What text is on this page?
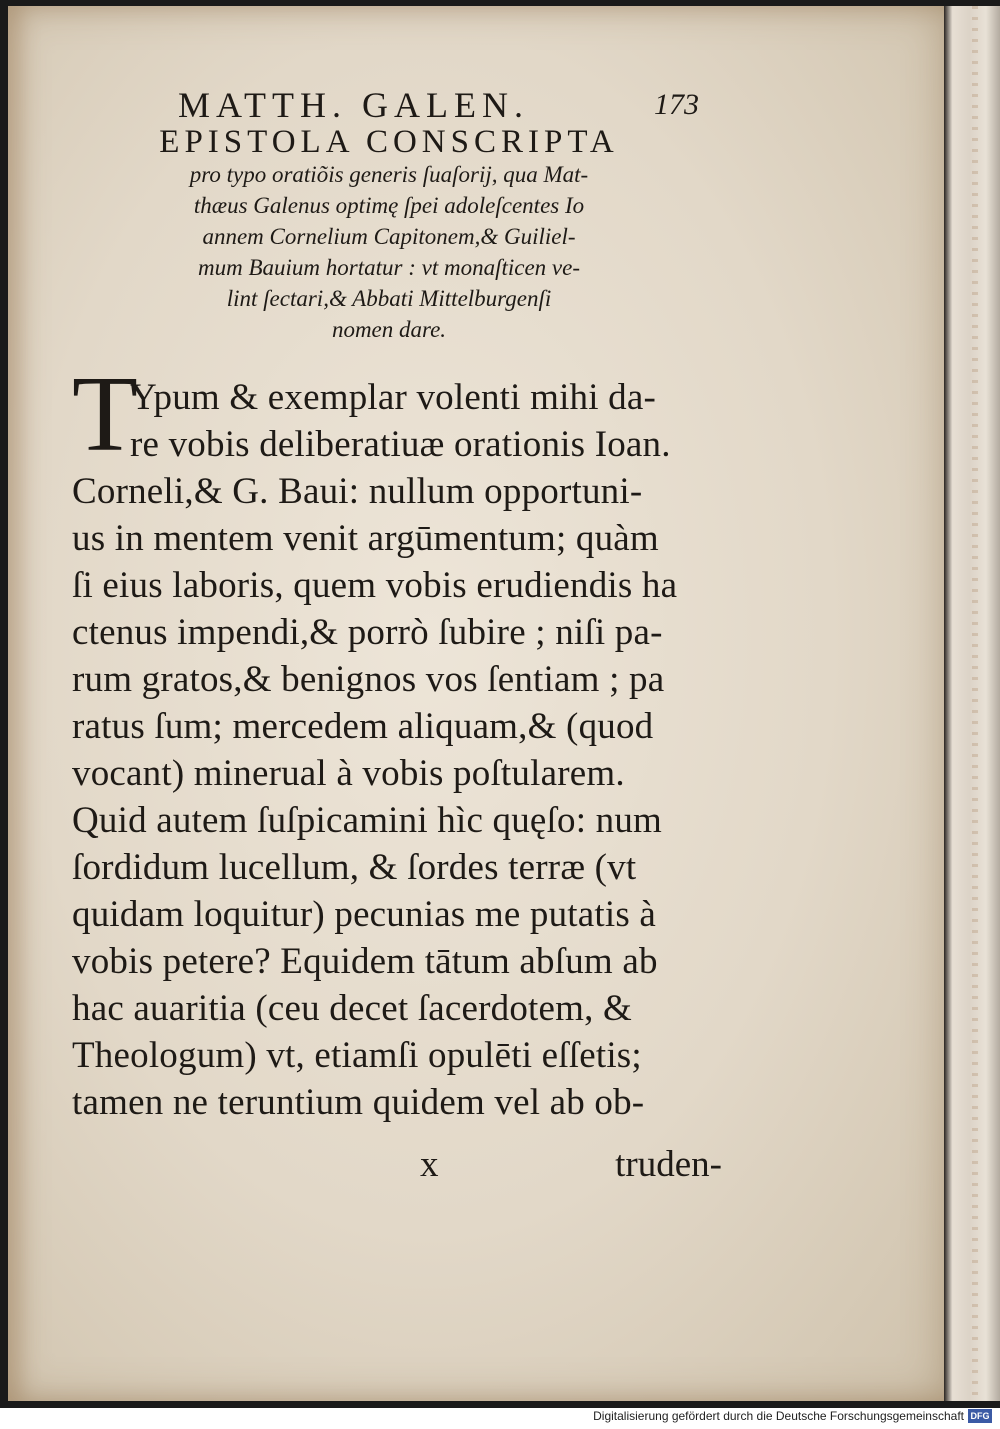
MATTH. GALEN.	173
EPISTOLA CONSCRIPTA
pro typo oratiõis generis ſuaſorij, qua Mat-
thæus Galenus optimę ſpei adoleſcentes Io
annem Cornelium Capitonem,& Guiliel-
mum Bauium hortatur : vt monaſticen ve-
lint ſectari,& Abbati Mittelburgenſi
nomen dare.
T
Ypum & exemplar volenti mihi da-
re vobis deliberatiuæ orationis Ioan.
Corneli,& G. Baui: nullum opportuni-
us in mentem venit argūmentum; quàm
ſi eius laboris, quem vobis erudiendis ha
ctenus impendi,& porrò ſubire ; niſi pa-
rum gratos,& benignos vos ſentiam ; pa
ratus ſum; mercedem aliquam,& (quod
vocant) minerual à vobis poſtularem.
Quid autem ſuſpicamini hìc quęſo: num
ſordidum lucellum, & ſordes terræ (vt
quidam loquitur) pecunias me putatis à
vobis petere? Equidem tātum abſum ab
hac auaritia (ceu decet ſacerdotem, &
Theologum) vt, etiamſi opulēti eſſetis;
tamen ne teruntium quidem vel ab ob-
x	truden-
Digitalisierung gefördert durch die Deutsche Forschungsgemeinschaft DFG
